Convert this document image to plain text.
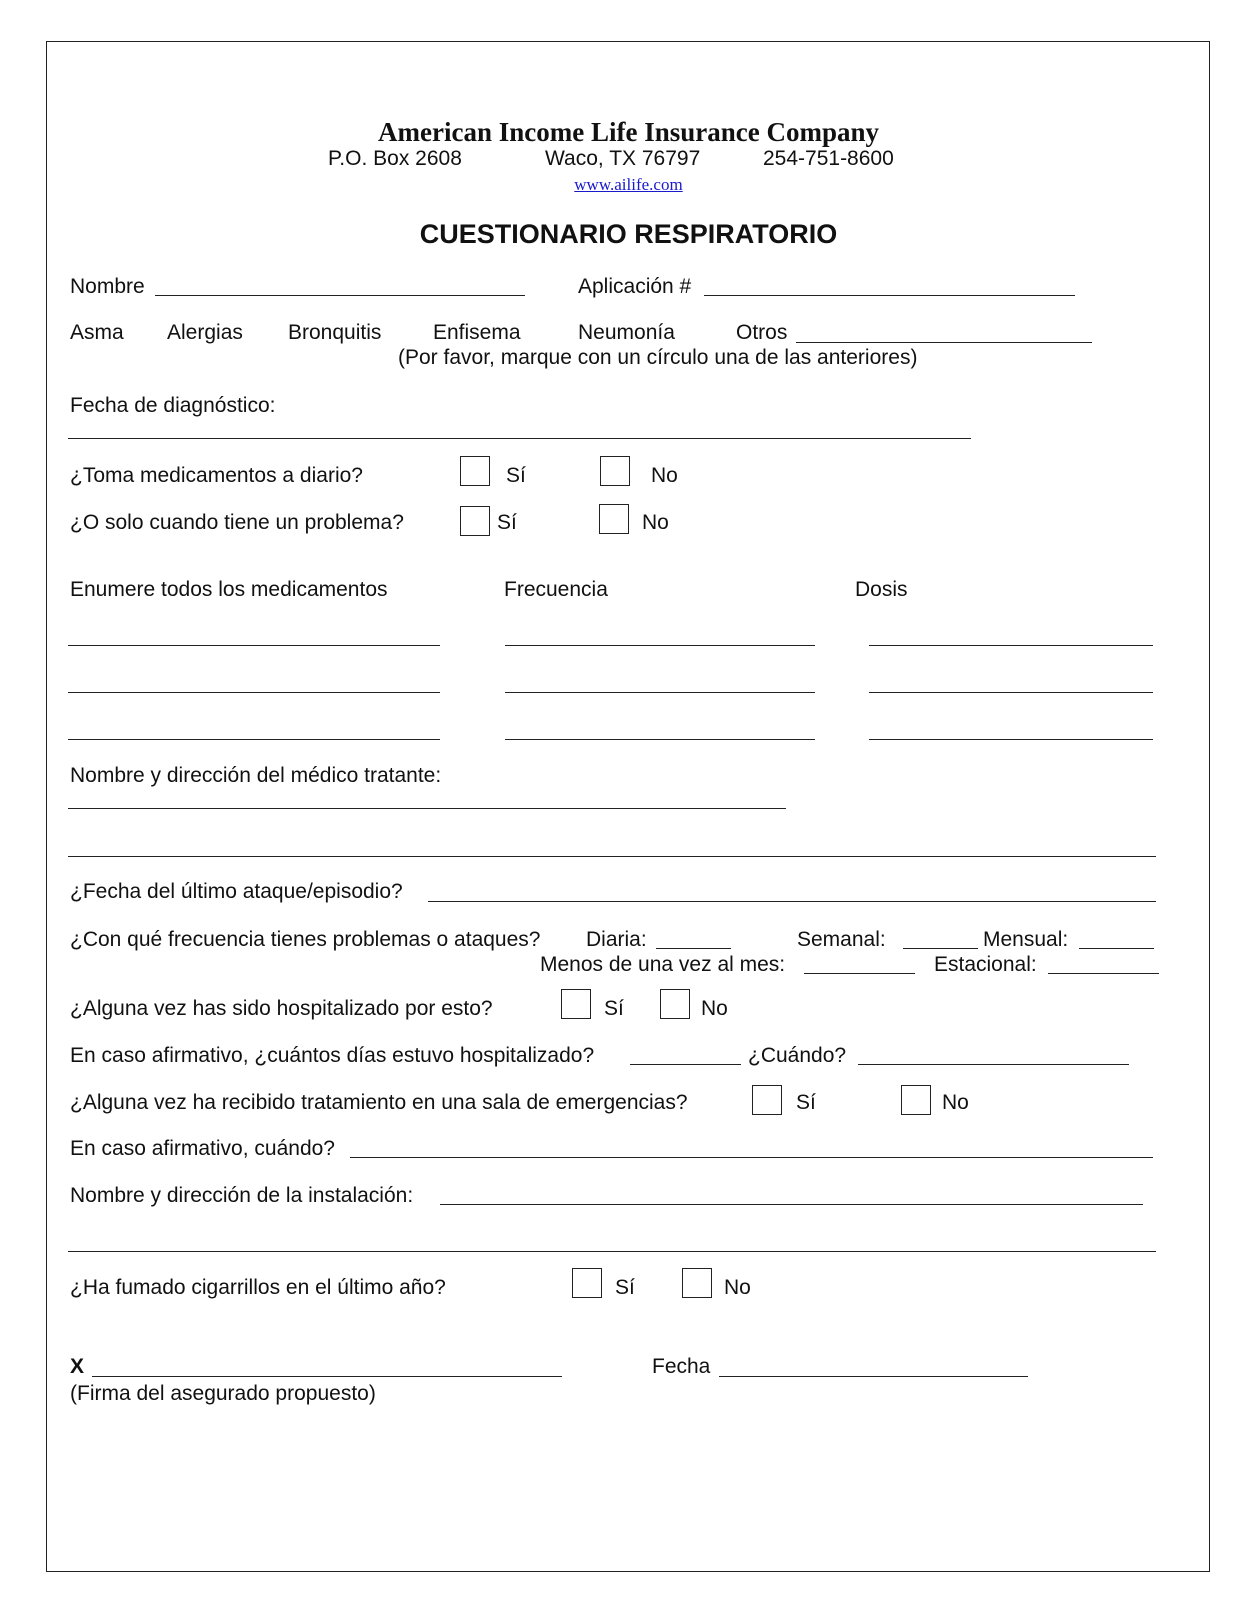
American Income Life Insurance Company
P.O. Box 2608	Waco, TX 76797	254-751-8600
www.ailife.com
CUESTIONARIO RESPIRATORIO
Nombre	Aplicación #
Asma Alergias Bronquitis Enfisema	Neumonía	Otros
(Por favor, marque con un círculo una de las anteriores)
Fecha de diagnóstico:
¿Toma medicamentos a diario?	Sí	No
¿O solo cuando tiene un problema?	Sí	No
Enumere todos los medicamentos	Frecuencia	Dosis
Nombre y dirección del médico tratante:
¿Fecha del último ataque/episodio?
¿Con qué frecuencia tienes problemas o ataques? Diaria:	Semanal:	Mensual:
Menos de una vez al mes:	Estacional:
¿Alguna vez has sido hospitalizado por esto?	Sí	No
En caso afirmativo, ¿cuántos días estuvo hospitalizado?	¿Cuándo?
¿Alguna vez ha recibido tratamiento en una sala de emergencias?	Sí	No
En caso afirmativo, cuándo?
Nombre y dirección de la instalación:
¿Ha fumado cigarrillos en el último año?	Sí	No
X
(Firma del asegurado propuesto)
Fecha
